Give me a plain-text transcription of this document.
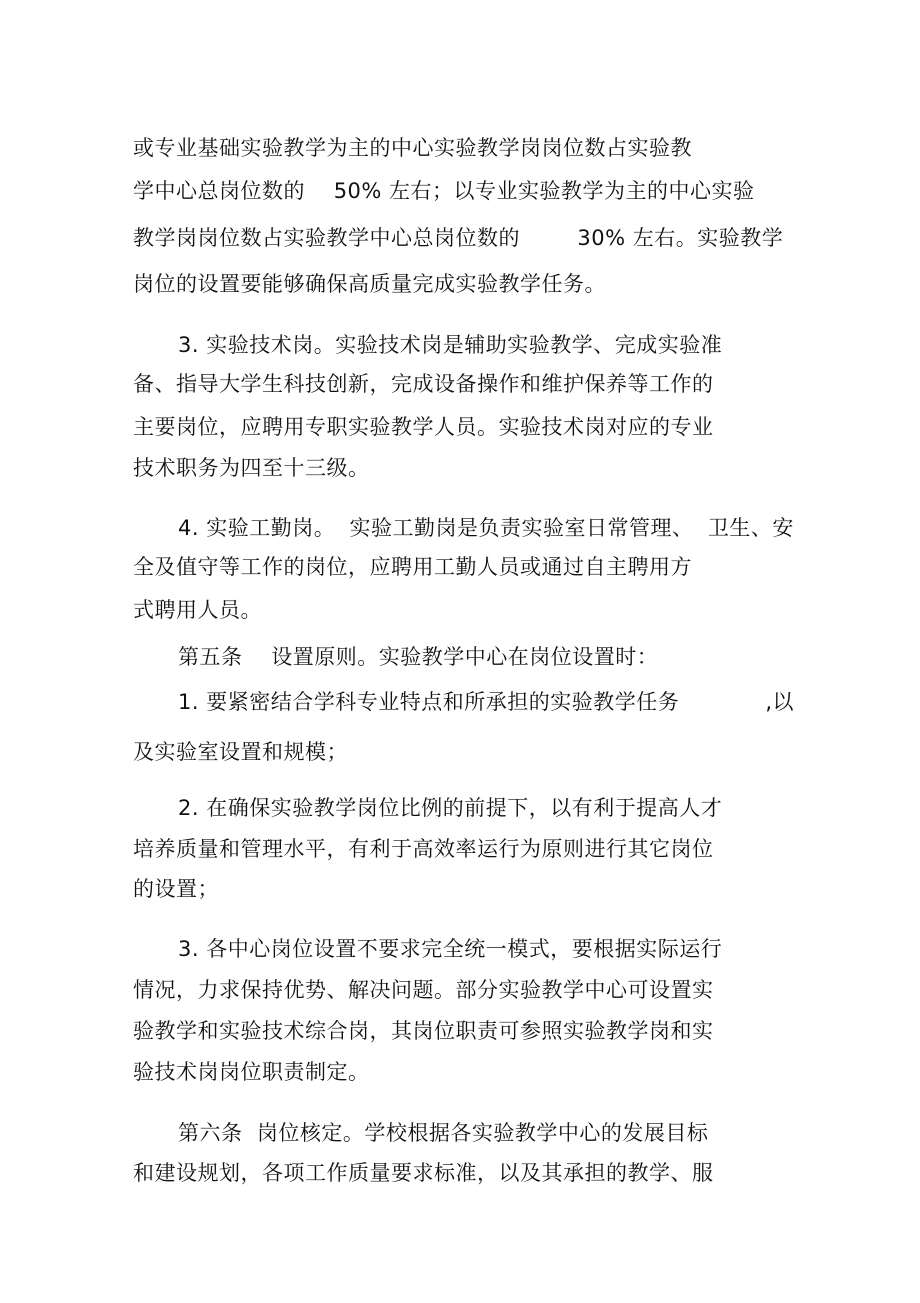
或专业基础实验教学为主的中心实验教学岗岗位数占实验教
学中心总岗位数的    50% 左右；以专业实验教学为主的中心实验
教学岗岗位数占实验教学中心总岗位数的        30% 左右。实验教学
岗位的设置要能够确保高质量完成实验教学任务。
3. 实验技术岗。实验技术岗是辅助实验教学、完成实验准
备、指导大学生科技创新，完成设备操作和维护保养等工作的
主要岗位，应聘用专职实验教学人员。实验技术岗对应的专业
技术职务为四至十三级。
4. 实验工勤岗。  实验工勤岗是负责实验室日常管理、  卫生、安
全及值守等工作的岗位，应聘用工勤人员或通过自主聘用方
式聘用人员。
第五条    设置原则。实验教学中心在岗位设置时：
1. 要紧密结合学科专业特点和所承担的实验教学任务            ,以
及实验室设置和规模；
2. 在确保实验教学岗位比例的前提下，以有利于提高人才
培养质量和管理水平，有利于高效率运行为原则进行其它岗位
的设置；
3. 各中心岗位设置不要求完全统一模式，要根据实际运行
情况，力求保持优势、解决问题。部分实验教学中心可设置实
验教学和实验技术综合岗，其岗位职责可参照实验教学岗和实
验技术岗岗位职责制定。
第六条  岗位核定。学校根据各实验教学中心的发展目标
和建设规划，各项工作质量要求标准，以及其承担的教学、服
